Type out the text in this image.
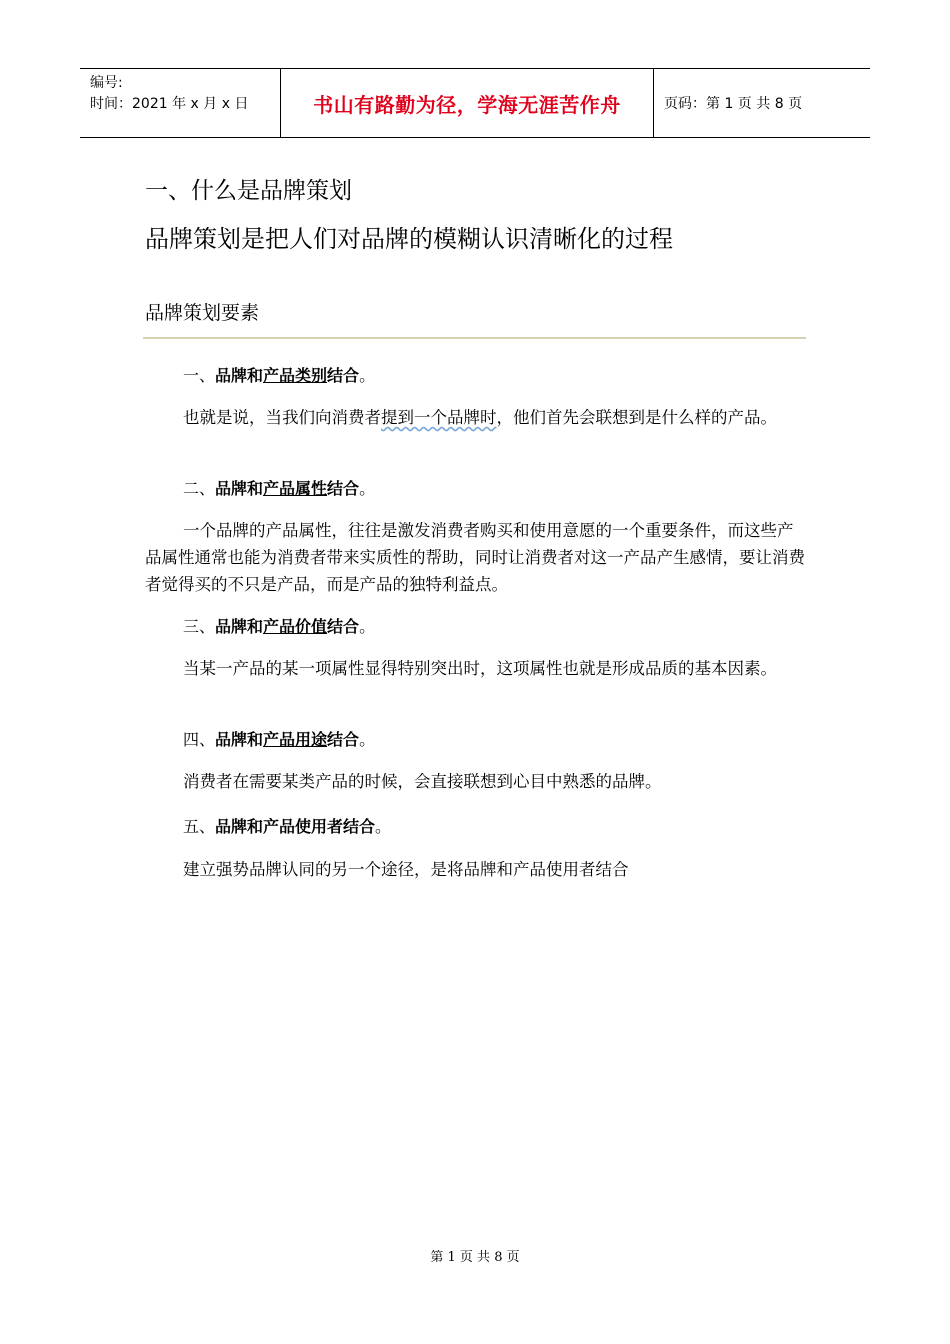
编号:
时间：2021 年 x 月 x 日	书山有路勤为径，学海无涯苦作舟	页码：第 1 页 共 8 页
一、什么是品牌策划
品牌策划是把人们对品牌的模糊认识清晰化的过程
品牌策划要素
一、品牌和产品类别结合。
也就是说，当我们向消费者提到一个品牌时，他们首先会联想到是什么样的产品。
二、品牌和产品属性结合。
一个品牌的产品属性，往往是激发消费者购买和使用意愿的一个重要条件，而这些产品属性通常也能为消费者带来实质性的帮助，同时让消费者对这一产品产生感情，要让消费者觉得买的不只是产品，而是产品的独特利益点。
三、品牌和产品价值结合。
当某一产品的某一项属性显得特别突出时，这项属性也就是形成品质的基本因素。
四、品牌和产品用途结合。
消费者在需要某类产品的时候，会直接联想到心目中熟悉的品牌。
五、品牌和产品使用者结合。
建立强势品牌认同的另一个途径，是将品牌和产品使用者结合
第 1 页 共 8 页
